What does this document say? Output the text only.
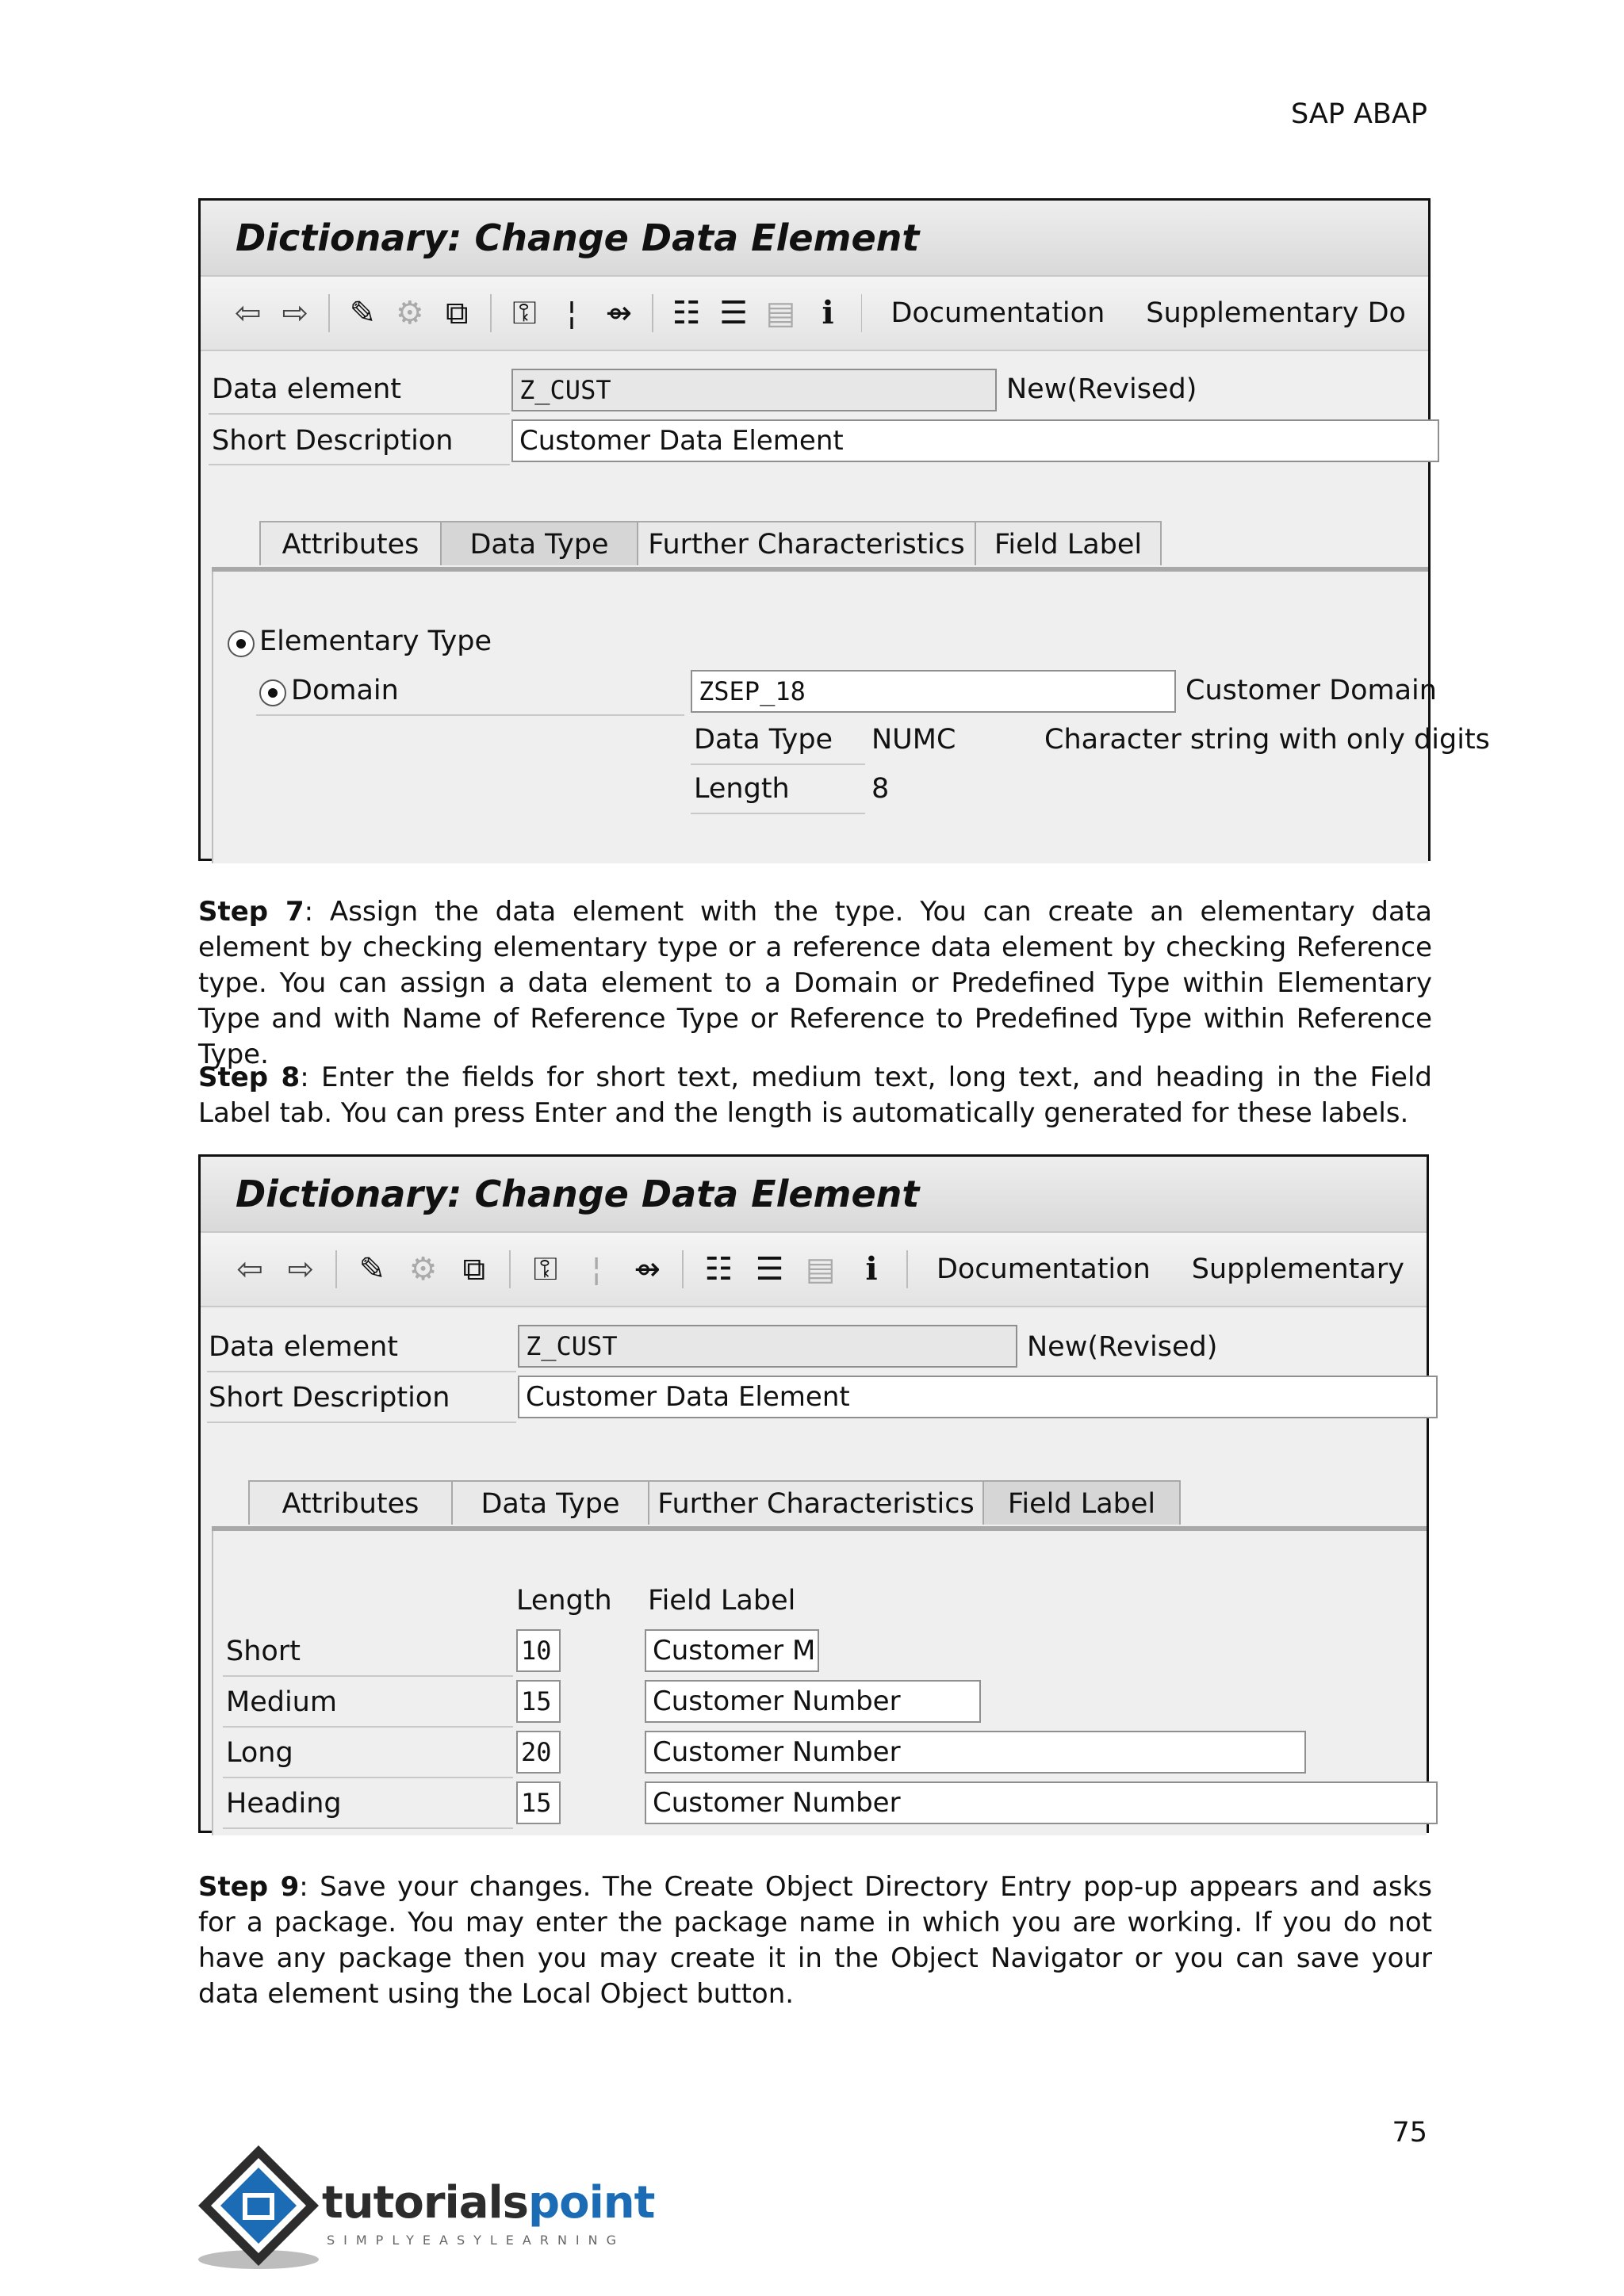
SAP ABAP
Dictionary: Change Data Element
⇦ ⇨	✎ ⚙ ⧉	⚿ ¦ ⇴	☷ ☰ ▤ ℹ	Documentation Supplementary Do
Data element	Z_CUST	New(Revised)
Short Description Customer Data Element
Attributes	Data Type	Further Characteristics	Field Label
Elementary Type
Domain	ZSEP_18	Customer Domain
Data Type NUMC	Character string with only digits
Length	8

Step 7: Assign the data element with the type. You can create an elementary data element by checking elementary type or a reference data element by checking Reference type. You can assign a data element to a Domain or Predefined Type within Elementary Type and with Name of Reference Type or Reference to Predefined Type within Reference Type.

Step 8: Enter the fields for short text, medium text, long text, and heading in the Field Label tab. You can press Enter and the length is automatically generated for these labels.

Dictionary: Change Data Element
⇦ ⇨	✎ ⚙ ⧉	⚿	¦	⇴	☷ ☰ ▤ ℹ	Documentation Supplementary
Data element	Z_CUST	New(Revised)
Short Description	Customer Data Element
Attributes	Data Type	Further Characteristics	Field Label
Length Field Label
Short	10	Customer M
Medium	15	Customer Number
Long	20	Customer Number
Heading	15	Customer Number

Step 9: Save your changes. The Create Object Directory Entry pop-up appears and asks for a package. You may enter the package name in which you are working. If you do not have any package then you may create it in the Object Navigator or you can save your data element using the Local Object button.

75
tutorialspoint
SIMPLYEASYLEARNING
